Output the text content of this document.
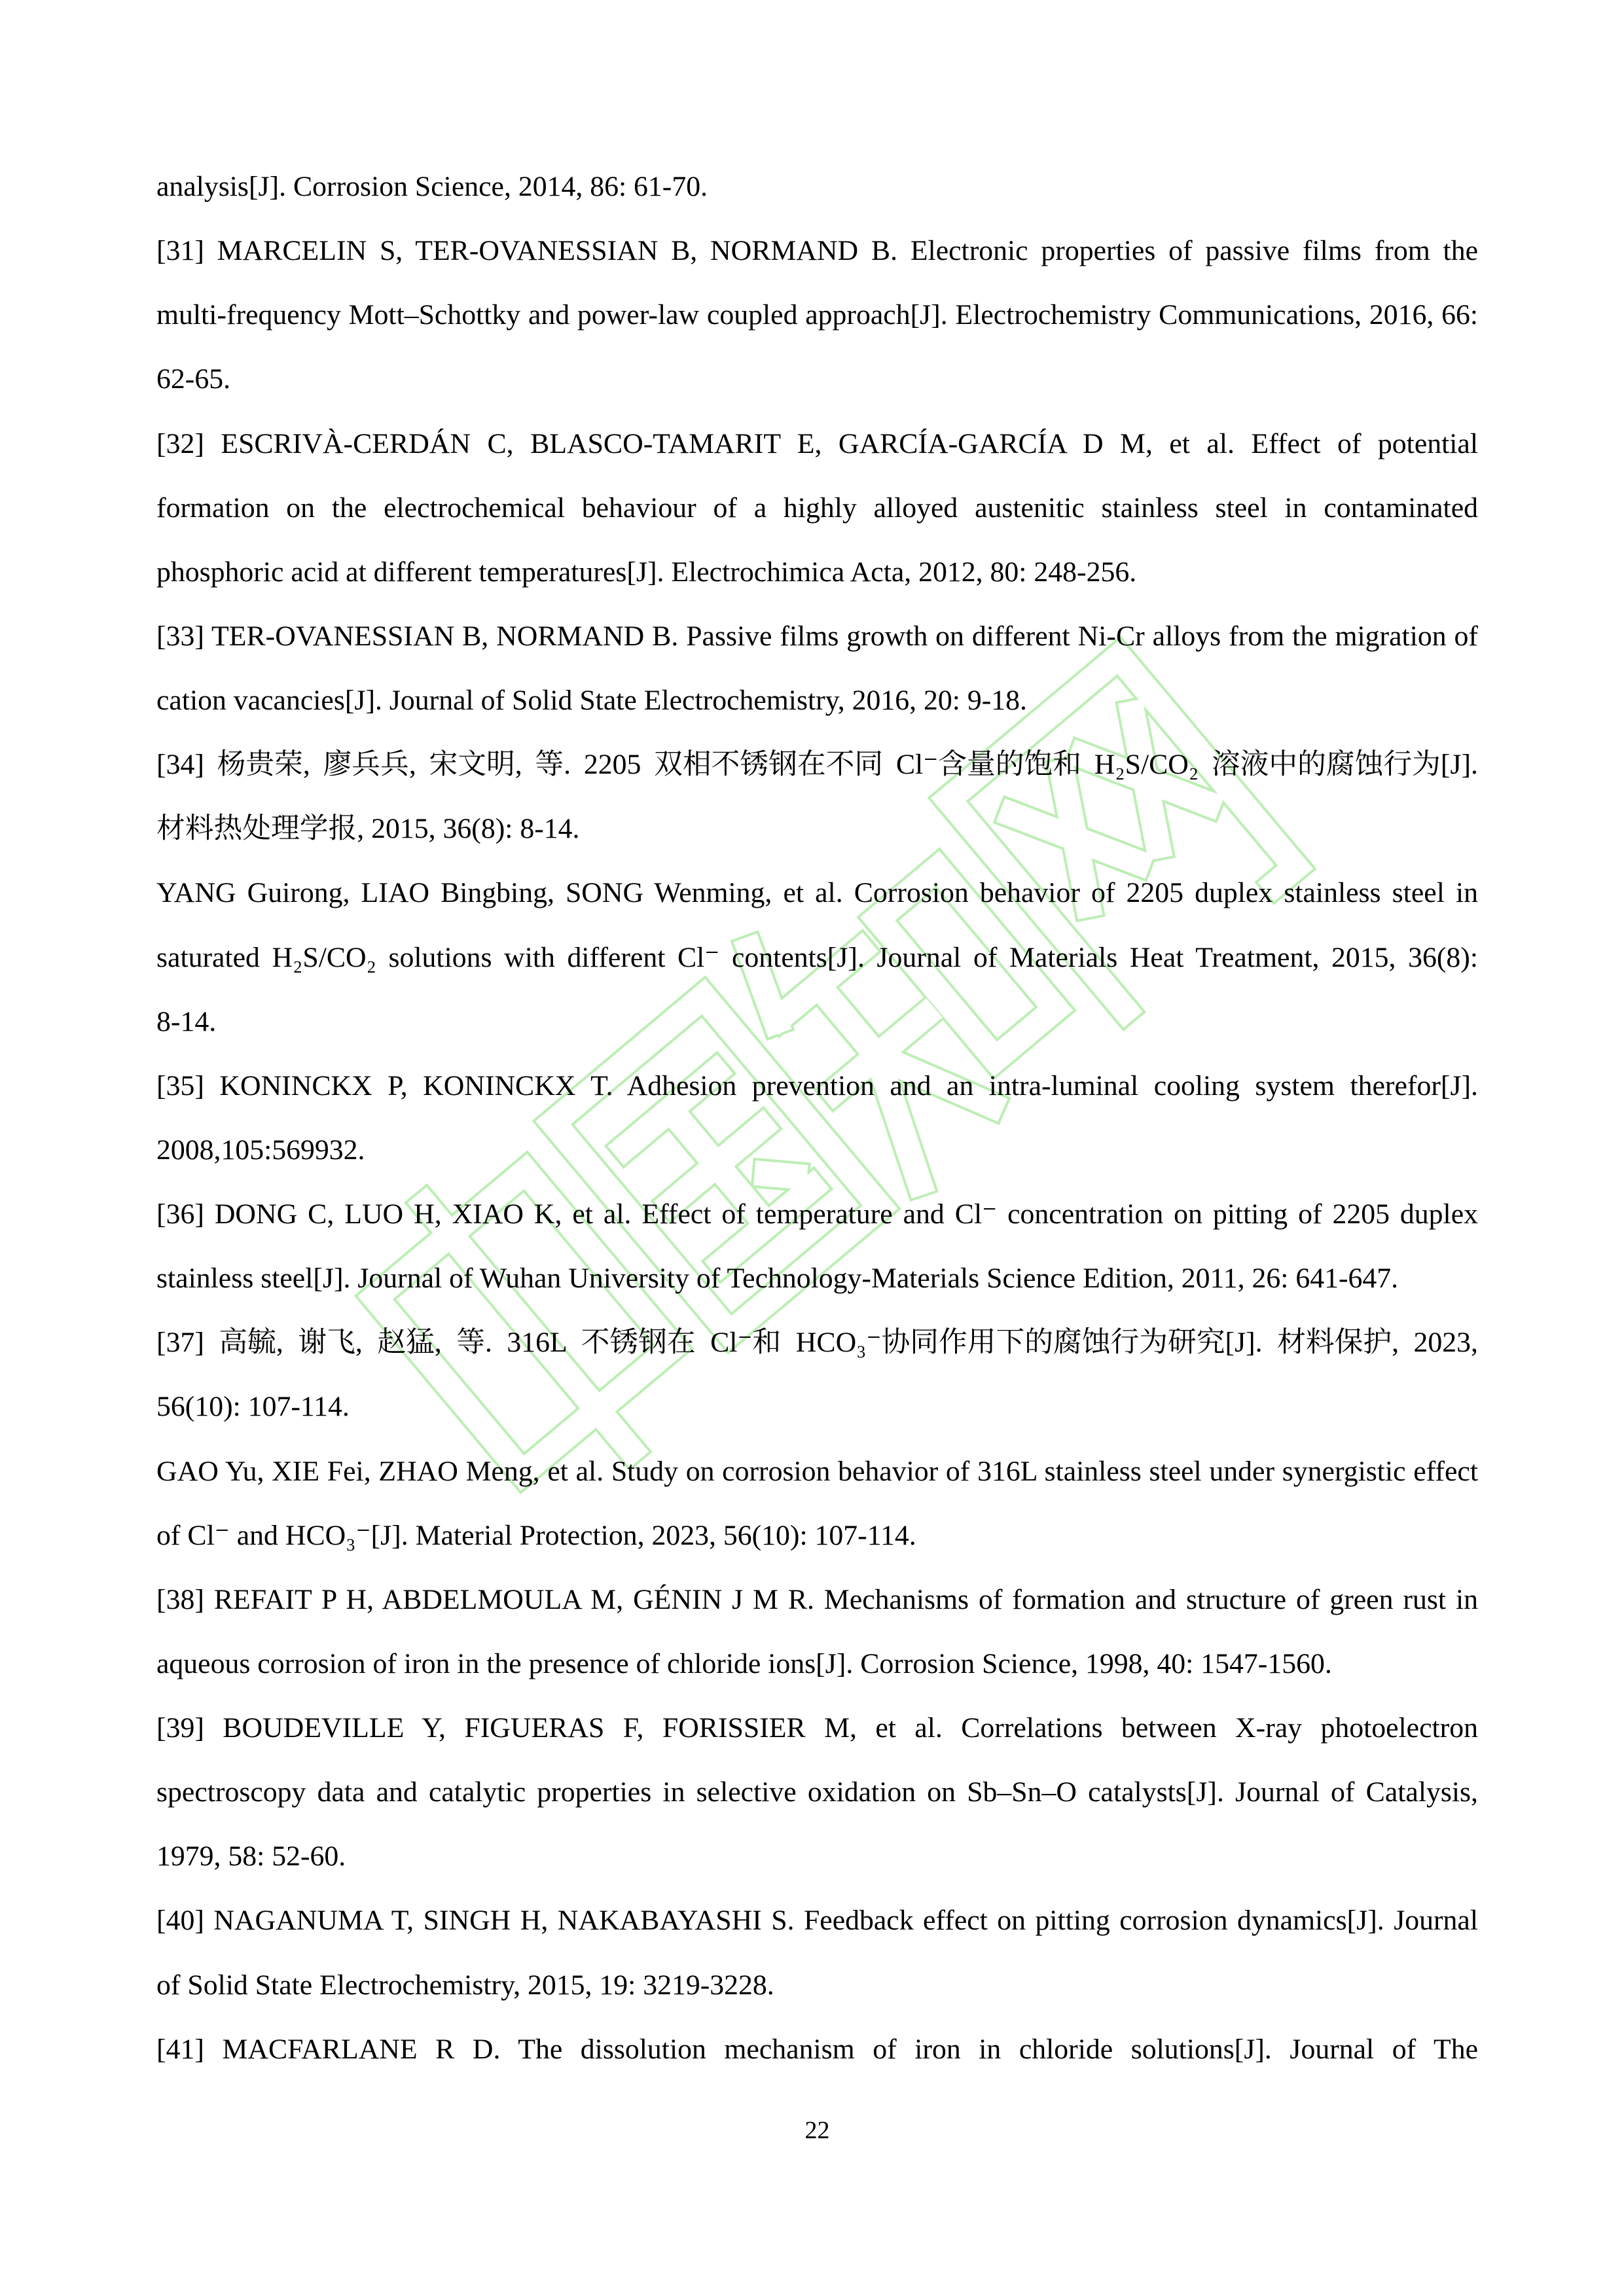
analysis[J]. Corrosion Science, 2014, 86: 61-70.
[31] MARCELIN S, TER-OVANESSIAN B, NORMAND B. Electronic properties of passive films from the
multi-frequency Mott–Schottky and power-law coupled approach[J]. Electrochemistry Communications, 2016, 66:
62-65.
[32] ESCRIVÀ-CERDÁN C, BLASCO-TAMARIT E, GARCÍA-GARCÍA D M, et al. Effect of potential
formation on the electrochemical behaviour of a highly alloyed austenitic stainless steel in contaminated
phosphoric acid at different temperatures[J]. Electrochimica Acta, 2012, 80: 248-256.
[33] TER-OVANESSIAN B, NORMAND B. Passive films growth on different Ni-Cr alloys from the migration of
cation vacancies[J]. Journal of Solid State Electrochemistry, 2016, 20: 9-18.
[34] 杨贵荣, 廖兵兵, 宋文明, 等. 2205 双相不锈钢在不同 Cl⁻含量的饱和 H₂S/CO₂ 溶液中的腐蚀行为[J].
材料热处理学报, 2015, 36(8): 8-14.
YANG Guirong, LIAO Bingbing, SONG Wenming, et al. Corrosion behavior of 2205 duplex stainless steel in
saturated H₂S/CO₂ solutions with different Cl⁻ contents[J]. Journal of Materials Heat Treatment, 2015, 36(8):
8-14.
[35] KONINCKX P, KONINCKX T. Adhesion prevention and an intra-luminal cooling system therefor[J].
2008,105:569932.
[36] DONG C, LUO H, XIAO K, et al. Effect of temperature and Cl⁻ concentration on pitting of 2205 duplex
stainless steel[J]. Journal of Wuhan University of Technology-Materials Science Edition, 2011, 26: 641-647.
[37] 高毓, 谢飞, 赵猛, 等. 316L 不锈钢在 Cl⁻和 HCO₃⁻协同作用下的腐蚀行为研究[J]. 材料保护, 2023,
56(10): 107-114.
GAO Yu, XIE Fei, ZHAO Meng, et al. Study on corrosion behavior of 316L stainless steel under synergistic effect
of Cl⁻ and HCO₃⁻[J]. Material Protection, 2023, 56(10): 107-114.
[38] REFAIT P H, ABDELMOULA M, GÉNIN J M R. Mechanisms of formation and structure of green rust in
aqueous corrosion of iron in the presence of chloride ions[J]. Corrosion Science, 1998, 40: 1547-1560.
[39] BOUDEVILLE Y, FIGUERAS F, FORISSIER M, et al. Correlations between X-ray photoelectron
spectroscopy data and catalytic properties in selective oxidation on Sb–Sn–O catalysts[J]. Journal of Catalysis,
1979, 58: 52-60.
[40] NAGANUMA T, SINGH H, NAKABAYASHI S. Feedback effect on pitting corrosion dynamics[J]. Journal
of Solid State Electrochemistry, 2015, 19: 3219-3228.
[41] MACFARLANE R D. The dissolution mechanism of iron in chloride solutions[J]. Journal of The
22
